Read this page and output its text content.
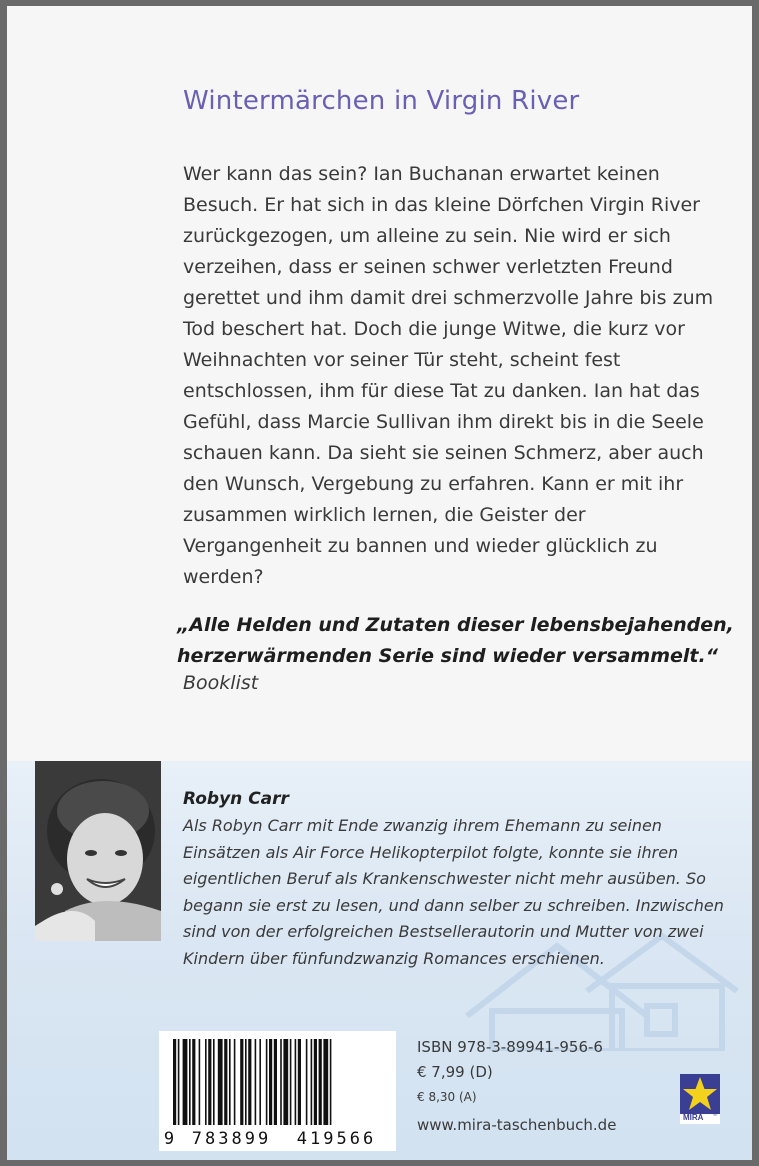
Wintermärchen in Virgin River

Wer kann das sein? Ian Buchanan erwartet keinen Besuch. Er hat sich in das kleine Dörfchen Virgin River zurückgezogen, um alleine zu sein. Nie wird er sich verzeihen, dass er seinen schwer verletzten Freund gerettet und ihm damit drei schmerzvolle Jahre bis zum Tod beschert hat. Doch die junge Witwe, die kurz vor Weihnachten vor seiner Tür steht, scheint fest entschlossen, ihm für diese Tat zu danken. Ian hat das Gefühl, dass Marcie Sullivan ihm direkt bis in die Seele schauen kann. Da sieht sie seinen Schmerz, aber auch den Wunsch, Vergebung zu erfahren. Kann er mit ihr zusammen wirklich lernen, die Geister der Vergangenheit zu bannen und wieder glücklich zu werden?

„Alle Helden und Zutaten dieser lebensbejahenden, herzerwärmenden Serie sind wieder versammelt.“

Booklist
Robyn Carr

Als Robyn Carr mit Ende zwanzig ihrem Ehemann zu seinen Einsätzen als Air Force Helikopterpilot folgte, konnte sie ihren eigentlichen Beruf als Krankenschwester nicht mehr ausüben. So begann sie erst zu lesen, und dann selber zu schreiben. Inzwischen sind von der erfolgreichen Bestsellerautorin und Mutter von zwei Kindern über fünfundzwanzig Romances erschienen.

9	783899	419566
ISBN 978-3-89941-956-6
€ 7,99 (D)
€ 8,30 (A)
www.mira-taschenbuch.de	MIRA ®
